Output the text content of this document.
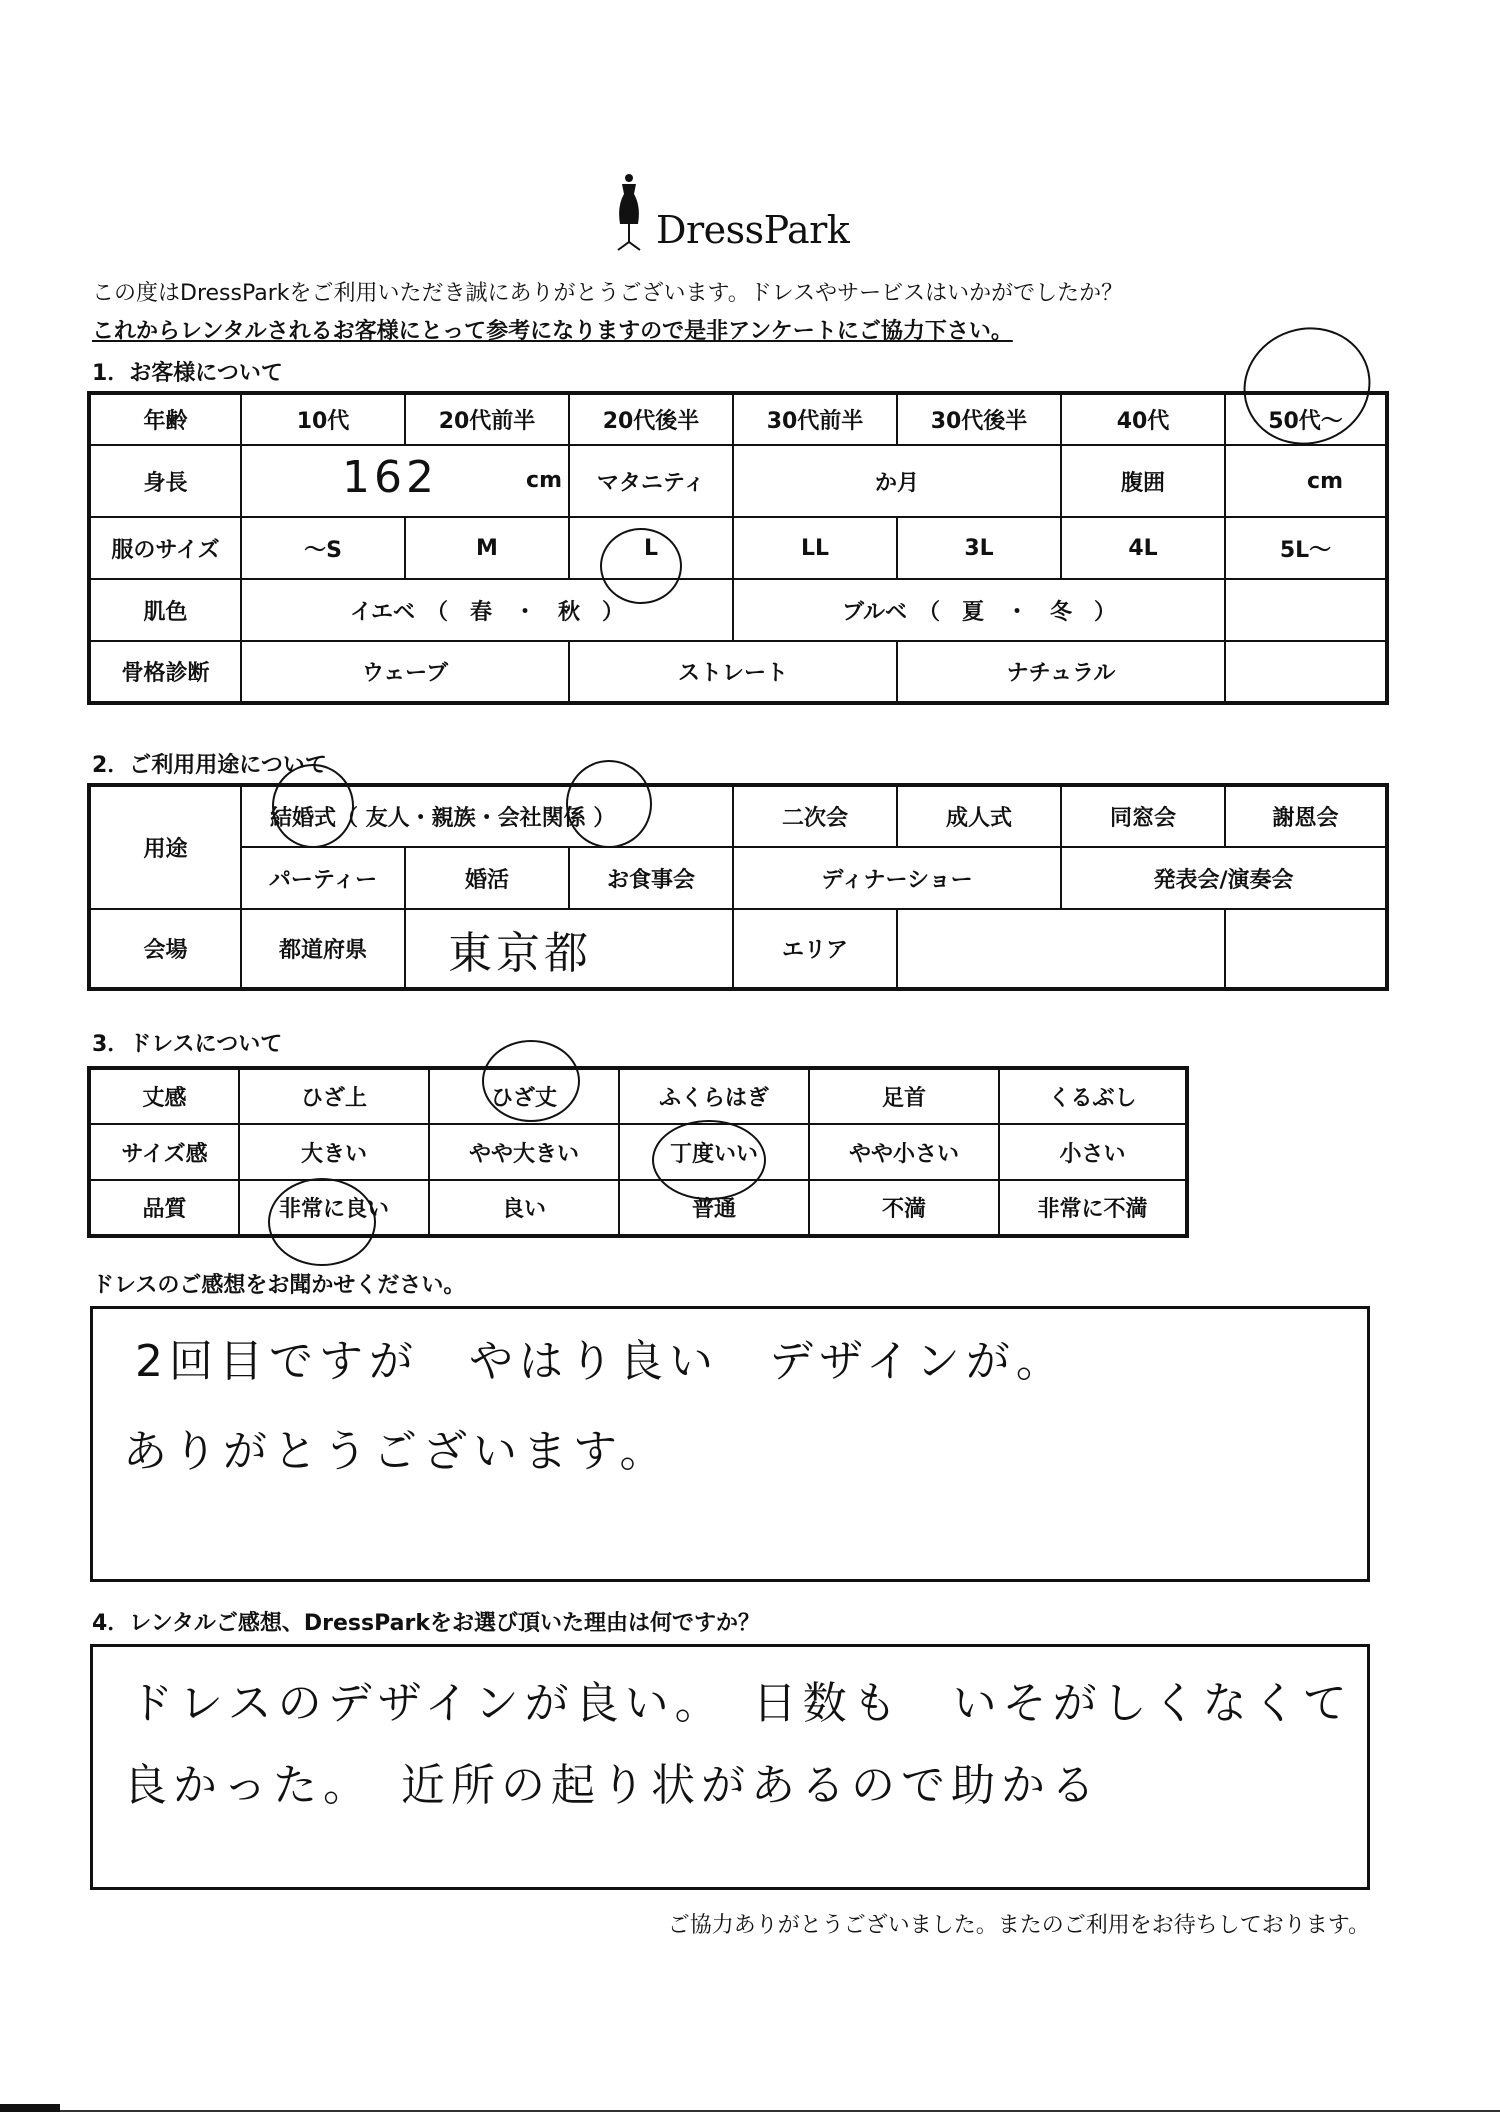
DressPark
この度はDressParkをご利用いただき誠にありがとうございます。ドレスやサービスはいかがでしたか？
これからレンタルされるお客様にとって参考になりますので是非アンケートにご協力下さい。
1．お客様について
年齢	10代	20代前半	20代後半	30代前半	30代後半	40代	50代〜
身長	162 cm		マタニティ	か月		腹囲	cm
服のサイズ	〜S	M	L	LL	3L	4L	5L〜
肌色	イエベ　（　春　・　秋　）			ブルベ　（　夏　・　冬　）			
骨格診断	ウェーブ		ストレート		ナチュラル		
2．ご利用用途について
用途	結婚式（ 友人・親族・会社関係 ）			二次会	成人式	同窓会	謝恩会
	パーティー	婚活	お食事会	ディナーショー		発表会/演奏会	
会場	都道府県	東京都		エリア			
3．ドレスについて
丈感	ひざ上	ひざ丈	ふくらはぎ	足首	くるぶし
サイズ感	大きい	やや大きい	丁度いい	やや小さい	小さい
品質	非常に良い	良い	普通	不満	非常に不満
ドレスのご感想をお聞かせください。
2回目ですが　やはり良い　デザインが。
ありがとうございます。
4．レンタルご感想、DressParkをお選び頂いた理由は何ですか？
ドレスのデザインが良い。　日数も　いそがしくなくて
良かった。　近所の起り状があるので助かる
ご協力ありがとうございました。またのご利用をお待ちしております。
